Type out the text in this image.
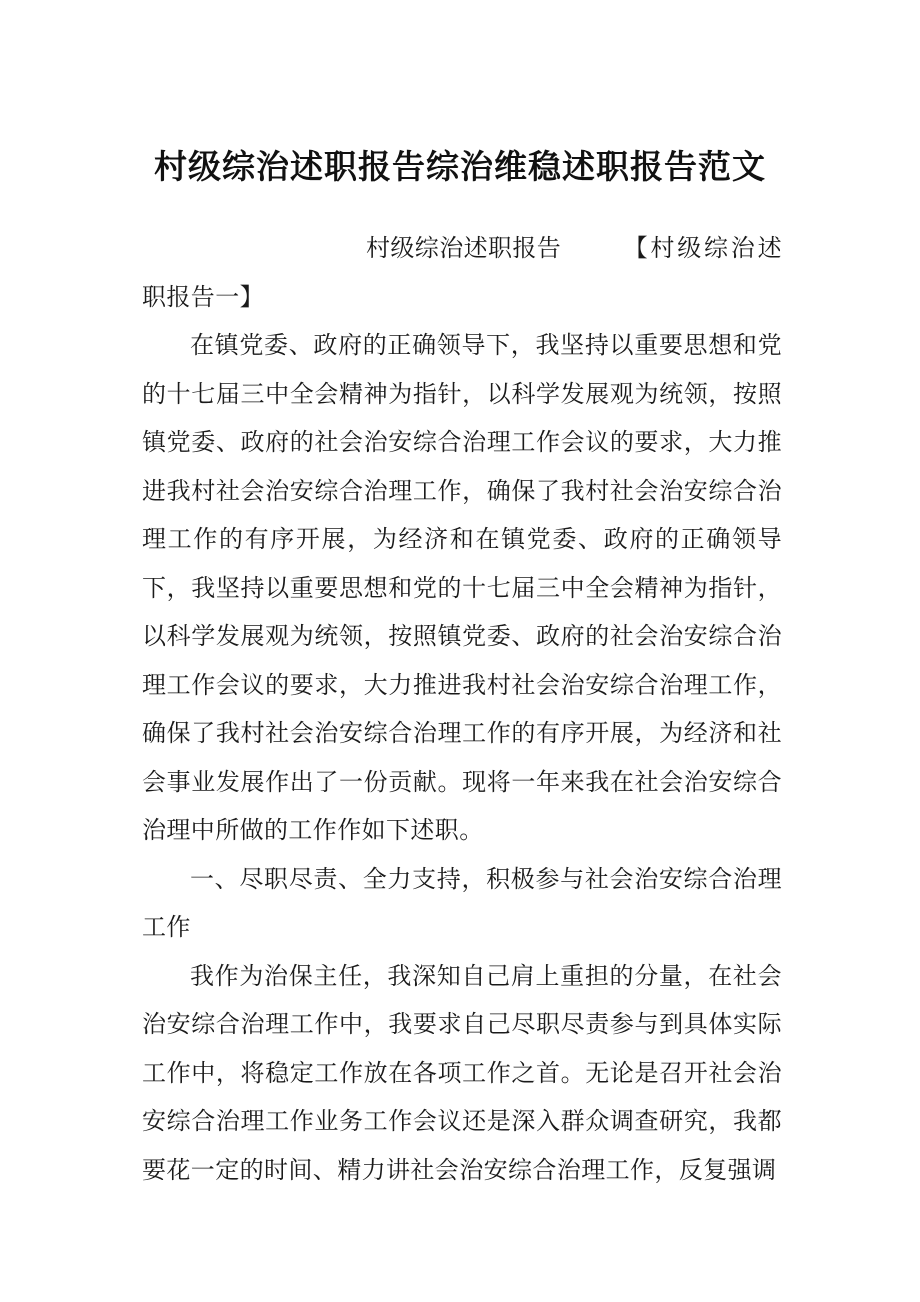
村级综治述职报告综治维稳述职报告范文

村级综治述职报告	【村级综治述职报告一】

在镇党委、政府的正确领导下，我坚持以重要思想和党的十七届三中全会精神为指针，以科学发展观为统领，按照镇党委、政府的社会治安综合治理工作会议的要求，大力推进我村社会治安综合治理工作，确保了我村社会治安综合治理工作的有序开展，为经济和在镇党委、政府的正确领导下，我坚持以重要思想和党的十七届三中全会精神为指针，以科学发展观为统领，按照镇党委、政府的社会治安综合治理工作会议的要求，大力推进我村社会治安综合治理工作，确保了我村社会治安综合治理工作的有序开展，为经济和社会事业发展作出了一份贡献。现将一年来我在社会治安综合治理中所做的工作作如下述职。

一、尽职尽责、全力支持，积极参与社会治安综合治理工作

我作为治保主任，我深知自己肩上重担的分量，在社会治安综合治理工作中，我要求自己尽职尽责参与到具体实际工作中，将稳定工作放在各项工作之首。无论是召开社会治安综合治理工作业务工作会议还是深入群众调查研究，我都要花一定的时间、精力讲社会治安综合治理工作，反复强调
